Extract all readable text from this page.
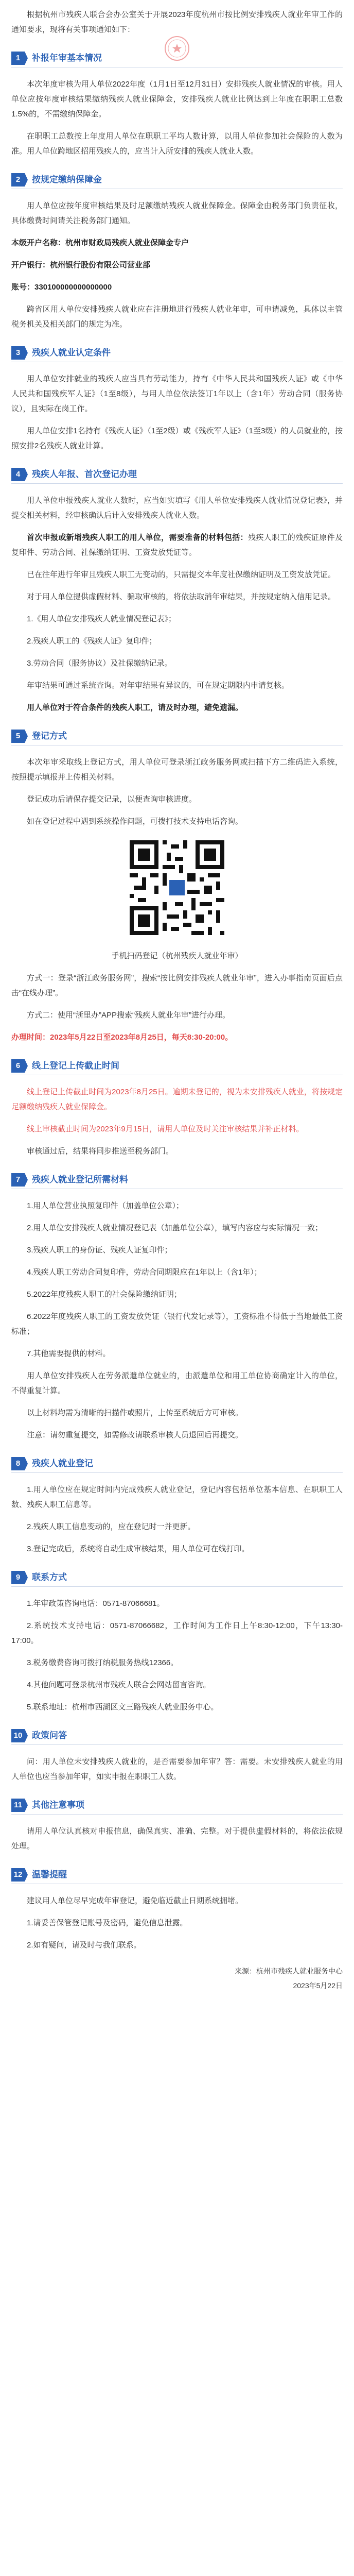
根据杭州市残疾人联合会办公室关于开展2023年度杭州市按比例安排残疾人就业年审工作的通知要求，现将有关事项通知如下：

1	补报年审基本情况

本次年度审核为用人单位2022年度（1月1日至12月31日）安排残疾人就业情况的审核。用人单位应按年度审核结果缴纳残疾人就业保障金，安排残疾人就业比例达到上年度在职职工总数1.5%的，不需缴纳保障金。

在职职工总数按上年度用人单位在职职工平均人数计算，以用人单位参加社会保险的人数为准。用人单位跨地区招用残疾人的，应当计入所安排的残疾人就业人数。

2	按规定缴纳保障金

用人单位应按年度审核结果及时足额缴纳残疾人就业保障金。保障金由税务部门负责征收，具体缴费时间请关注税务部门通知。

本级开户名称：杭州市财政局残疾人就业保障金专户

开户银行：杭州银行股份有限公司营业部

账号：330100000000000000

跨省区用人单位安排残疾人就业应在注册地进行残疾人就业年审，可申请减免，具体以主管税务机关及相关部门的规定为准。

3	残疾人就业认定条件

用人单位安排就业的残疾人应当具有劳动能力，持有《中华人民共和国残疾人证》或《中华人民共和国残疾军人证》（1至8级），与用人单位依法签订1年以上（含1年）劳动合同（服务协议），且实际在岗工作。

用人单位安排1名持有《残疾人证》（1至2级）或《残疾军人证》（1至3级）的人员就业的，按照安排2名残疾人就业计算。

4	残疾人年报、首次登记办理

用人单位申报残疾人就业人数时，应当如实填写《用人单位安排残疾人就业情况登记表》，并提交相关材料，经审核确认后计入安排残疾人就业人数。

首次申报或新增残疾人职工的用人单位，需要准备的材料包括：残疾人职工的残疾证原件及复印件、劳动合同、社保缴纳证明、工资发放凭证等。

已在往年进行年审且残疾人职工无变动的，只需提交本年度社保缴纳证明及工资发放凭证。

对于用人单位提供虚假材料、骗取审核的，将依法取消年审结果，并按规定纳入信用记录。

1.《用人单位安排残疾人就业情况登记表》；

2.残疾人职工的《残疾人证》复印件；

3.劳动合同（服务协议）及社保缴纳记录。

年审结果可通过系统查询。对年审结果有异议的，可在规定期限内申请复核。

用人单位对于符合条件的残疾人职工，请及时办理，避免遗漏。

5	登记方式

本次年审采取线上登记方式，用人单位可登录浙江政务服务网或扫描下方二维码进入系统，按照提示填报并上传相关材料。

登记成功后请保存提交记录，以便查询审核进度。

如在登记过程中遇到系统操作问题，可拨打技术支持电话咨询。

手机扫码登记（杭州残疾人就业年审）

方式一：登录“浙江政务服务网”，搜索“按比例安排残疾人就业年审”，进入办事指南页面后点击“在线办理”。

方式二：使用“浙里办”APP搜索“残疾人就业年审”进行办理。

办理时间：2023年5月22日至2023年8月25日，每天8:30-20:00。

6	线上登记上传截止时间

线上登记上传截止时间为2023年8月25日。逾期未登记的，视为未安排残疾人就业，将按规定足额缴纳残疾人就业保障金。

线上审核截止时间为2023年9月15日，请用人单位及时关注审核结果并补正材料。

审核通过后，结果将同步推送至税务部门。

7	残疾人就业登记所需材料

1.用人单位营业执照复印件（加盖单位公章）；

2.用人单位安排残疾人就业情况登记表（加盖单位公章），填写内容应与实际情况一致；

3.残疾人职工的身份证、残疾人证复印件；

4.残疾人职工劳动合同复印件，劳动合同期限应在1年以上（含1年）；

5.2022年度残疾人职工的社会保险缴纳证明；

6.2022年度残疾人职工的工资发放凭证（银行代发记录等），工资标准不得低于当地最低工资标准；

7.其他需要提供的材料。

用人单位安排残疾人在劳务派遣单位就业的，由派遣单位和用工单位协商确定计入的单位，不得重复计算。

以上材料均需为清晰的扫描件或照片，上传至系统后方可审核。

注意：请勿重复提交，如需修改请联系审核人员退回后再提交。

8	残疾人就业登记

1.用人单位应在规定时间内完成残疾人就业登记，登记内容包括单位基本信息、在职职工人数、残疾人职工信息等。

2.残疾人职工信息变动的，应在登记时一并更新。

3.登记完成后，系统将自动生成审核结果，用人单位可在线打印。

9	联系方式

1.年审政策咨询电话：0571-87066681。

2.系统技术支持电话：0571-87066682，工作时间为工作日上午8:30-12:00，下午13:30-17:00。

3.税务缴费咨询可拨打纳税服务热线12366。

4.其他问题可登录杭州市残疾人联合会网站留言咨询。

5.联系地址：杭州市西湖区文三路残疾人就业服务中心。

10 政策问答

问：用人单位未安排残疾人就业的，是否需要参加年审？答：需要。未安排残疾人就业的用人单位也应当参加年审，如实申报在职职工人数。

11 其他注意事项

请用人单位认真核对申报信息，确保真实、准确、完整。对于提供虚假材料的，将依法依规处理。

12 温馨提醒

建议用人单位尽早完成年审登记，避免临近截止日期系统拥堵。

1.请妥善保管登记账号及密码，避免信息泄露。

2.如有疑问，请及时与我们联系。

来源：杭州市残疾人就业服务中心
2023年5月22日
